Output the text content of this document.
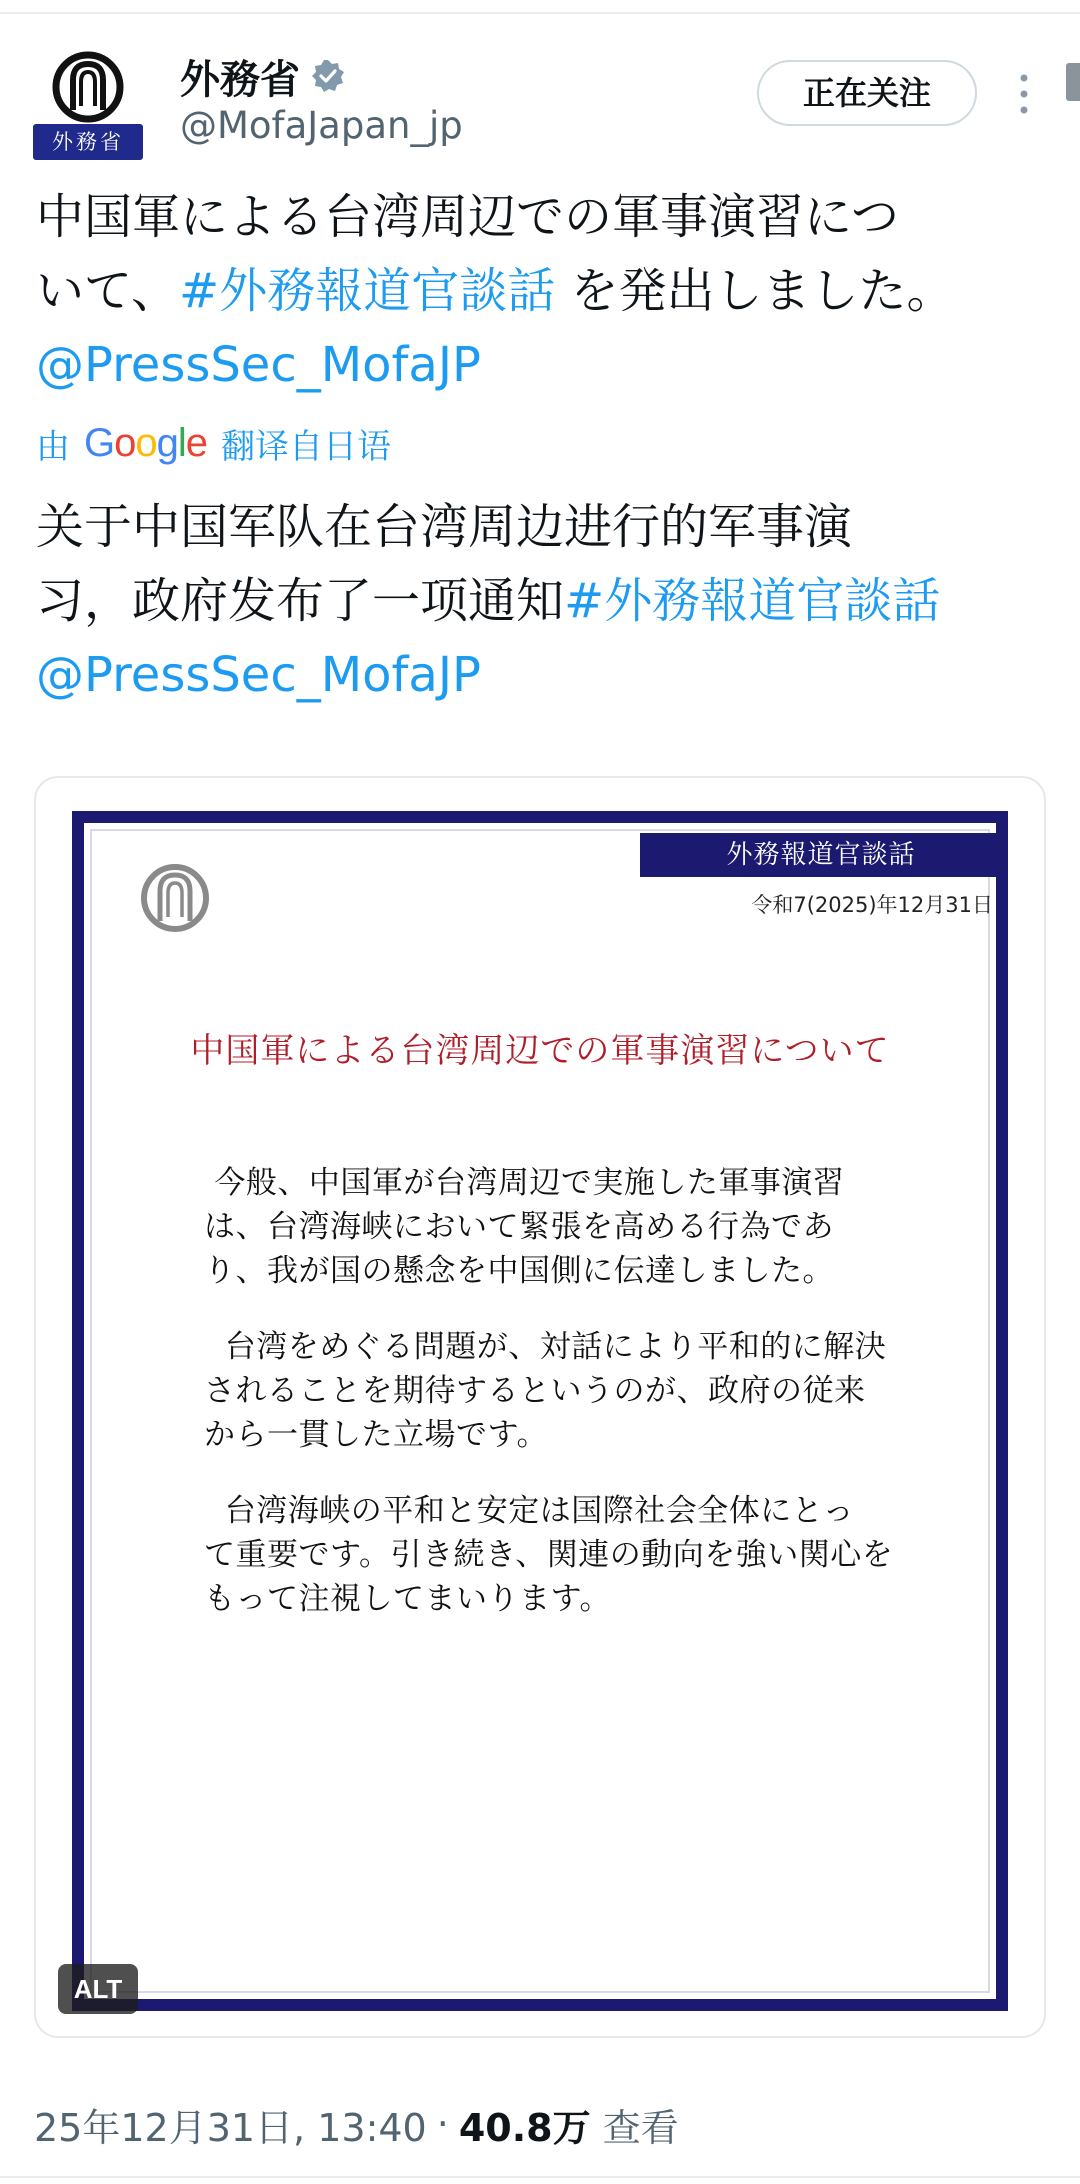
外務省
外務省
@MofaJapan_jp
正在关注

中国軍による台湾周辺での軍事演習につ
いて、#外務報道官談話 を発出しました。
@PressSec_MofaJP

由 Google 翻译自日语

关于中国军队在台湾周边进行的军事演
习，政府发布了一项通知#外務報道官談話
@PressSec_MofaJP

外務報道官談話
令和7(2025)年12月31日
中国軍による台湾周辺での軍事演習について

今般、中国軍が台湾周辺で実施した軍事演習
は、台湾海峡において緊張を高める行為であ
り、我が国の懸念を中国側に伝達しました。

台湾をめぐる問題が、対話により平和的に解決
されることを期待するというのが、政府の従来
から一貫した立場です。

台湾海峡の平和と安定は国際社会全体にとっ
て重要です。引き続き、関連の動向を強い関心を
もって注視してまいります。

ALT
25年12月31日, 13:40 · 40.8万 查看
